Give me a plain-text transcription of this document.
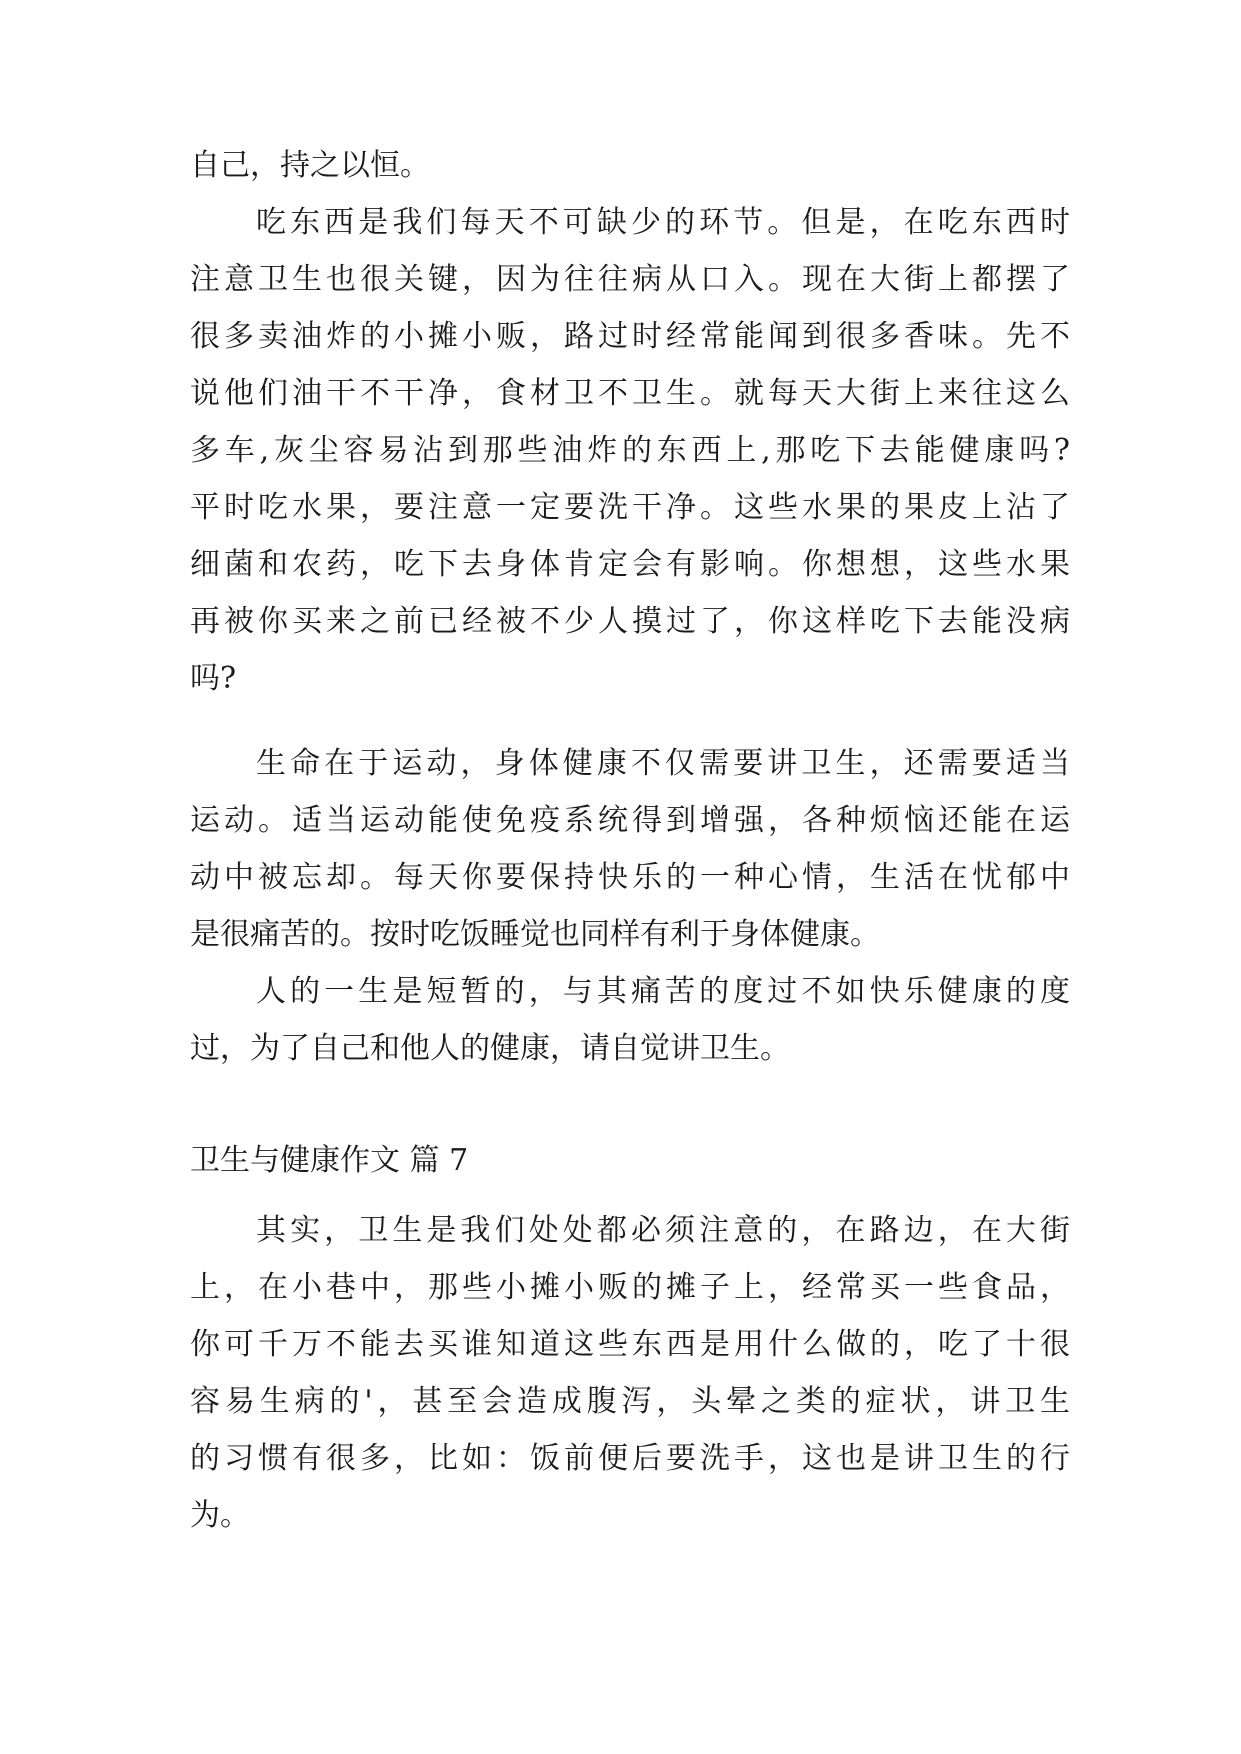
自己，持之以恒。
吃东西是我们每天不可缺少的环节。但是，在吃东西时
注意卫生也很关键，因为往往病从口入。现在大街上都摆了
很多卖油炸的小摊小贩，路过时经常能闻到很多香味。先不
说他们油干不干净，食材卫不卫生。就每天大街上来往这么
多车,灰尘容易沾到那些油炸的东西上,那吃下去能健康吗?
平时吃水果，要注意一定要洗干净。这些水果的果皮上沾了
细菌和农药，吃下去身体肯定会有影响。你想想，这些水果
再被你买来之前已经被不少人摸过了，你这样吃下去能没病
吗?
生命在于运动，身体健康不仅需要讲卫生，还需要适当
运动。适当运动能使免疫系统得到增强，各种烦恼还能在运
动中被忘却。每天你要保持快乐的一种心情，生活在忧郁中
是很痛苦的。按时吃饭睡觉也同样有利于身体健康。
人的一生是短暂的，与其痛苦的度过不如快乐健康的度
过，为了自己和他人的健康，请自觉讲卫生。
卫生与健康作文 篇 7
其实，卫生是我们处处都必须注意的，在路边，在大街
上，在小巷中，那些小摊小贩的摊子上，经常买一些食品，
你可千万不能去买谁知道这些东西是用什么做的，吃了十很
容易生病的'，甚至会造成腹泻，头晕之类的症状，讲卫生
的习惯有很多，比如：饭前便后要洗手，这也是讲卫生的行
为。
